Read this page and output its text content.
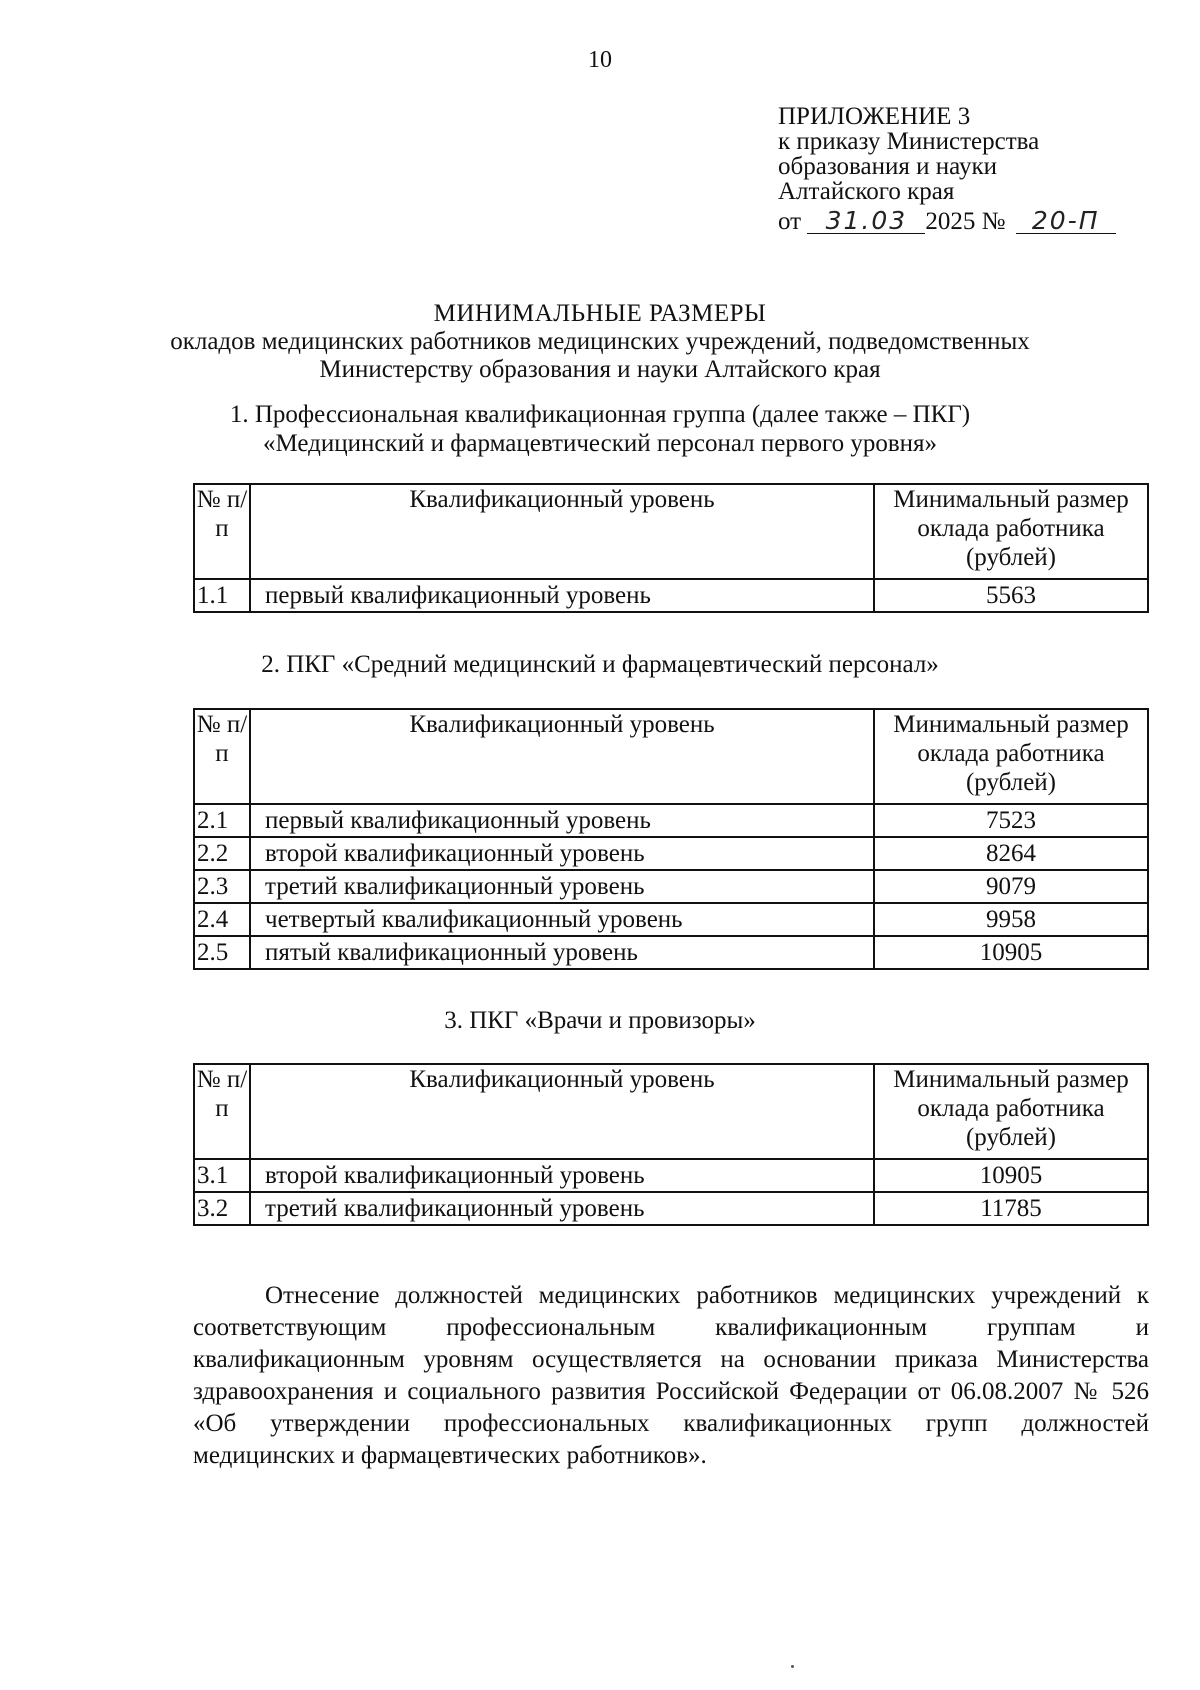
10
ПРИЛОЖЕНИЕ 3
к приказу Министерства
образования и науки
Алтайского края
от 31.03 2025 № 20-П
МИНИМАЛЬНЫЕ РАЗМЕРЫ
окладов медицинских работников медицинских учреждений, подведомственных
Министерству образования и науки Алтайского края
1. Профессиональная квалификационная группа (далее также – ПКГ)
«Медицинский и фармацевтический персонал первого уровня»
№ п/п	Квалификационный уровень	Минимальный размер оклада работника (рублей)
1.1	первый квалификационный уровень	5563
2. ПКГ «Средний медицинский и фармацевтический персонал»
№ п/п	Квалификационный уровень	Минимальный размер оклада работника (рублей)
2.1	первый квалификационный уровень	7523
2.2	второй квалификационный уровень	8264
2.3	третий квалификационный уровень	9079
2.4	четвертый квалификационный уровень	9958
2.5	пятый квалификационный уровень	10905
3. ПКГ «Врачи и провизоры»
№ п/п	Квалификационный уровень	Минимальный размер оклада работника (рублей)
3.1	второй квалификационный уровень	10905
3.2	третий квалификационный уровень	11785

Отнесение должностей медицинских работников медицинских учреждений к соответствующим профессиональным квалификационным группам и квалификационным уровням осуществляется на основании приказа Министерства здравоохранения и социального развития Российской Федерации от 06.08.2007 № 526 «Об утверждении профессиональных квалификационных групп должностей медицинских и фармацевтических работников».
